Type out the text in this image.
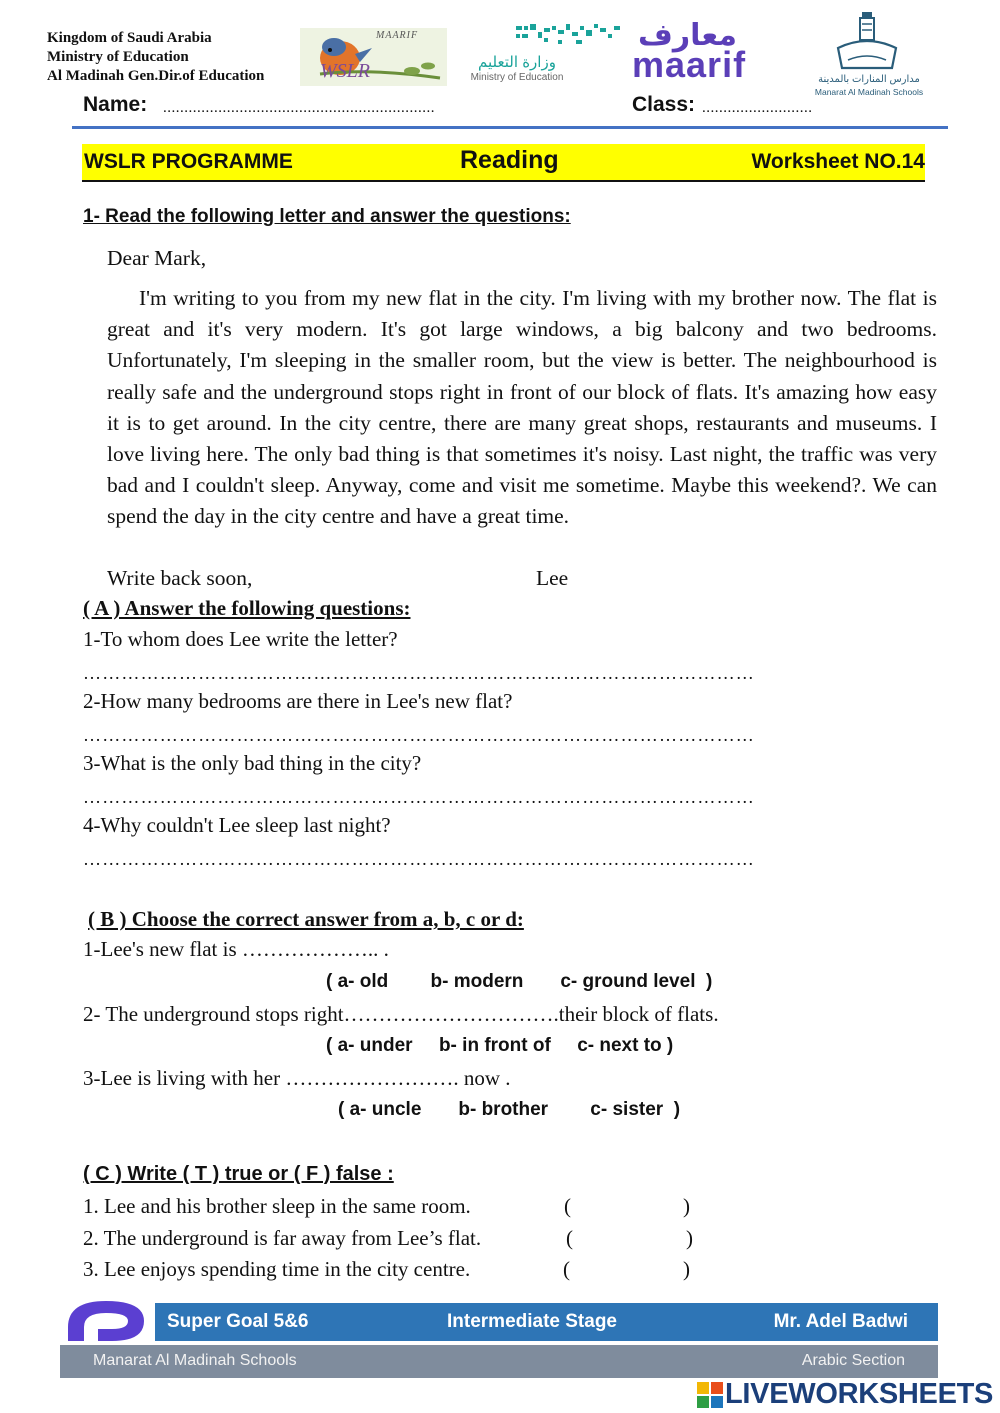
Kingdom of Saudi Arabia
Ministry of Education
Al Madinah Gen.Dir.of Education
MAARIF
WSLR	وزارة التعليم
Ministry of Education
معارف
maarif	مدارس المنارات بالمدينة
Manarat Al Madinah Schools
Name: ................................................................	Class: ..........................
WSLR PROGRAMME	Reading	Worksheet NO.14
1- Read the following letter and answer the questions:
Dear Mark,
I'm writing to you from my new flat in the city. I'm living with my brother now. The flat is great and it's very modern. It's got large windows, a big balcony and two bedrooms. Unfortunately, I'm sleeping in the smaller room, but the view is better. The neighbourhood is really safe and the underground stops right in front of our block of flats. It's amazing how easy it is to get around. In the city centre, there are many great shops, restaurants and museums. I love living here. The only bad thing is that sometimes it's noisy. Last night, the traffic was very bad and I couldn't sleep. Anyway, come and visit me sometime. Maybe this weekend?. We can spend the day in the city centre and have a great time.
Write back soon,	Lee
( A ) Answer the following questions:
1-To whom does Lee write the letter?
……………………………………………………………………………………………
2-How many bedrooms are there in Lee's new flat?
……………………………………………………………………………………………
3-What is the only bad thing in the city?
……………………………………………………………………………………………
4-Why couldn't Lee sleep last night?
……………………………………………………………………………………………
( B ) Choose the correct answer from a, b, c or d:
1-Lee's new flat is ……………….. .
( a- old        b- modern       c- ground level  )
2- The underground stops right………………………….their block of flats.
( a- under     b- in front of     c- next to )
3-Lee is living with her ……………………. now .
( a- uncle       b- brother        c- sister  )
( C ) Write ( T ) true or ( F ) false :
1. Lee and his brother sleep in the same room.	(	)
2. The underground is far away from Lee’s flat.	(	)
3. Lee enjoys spending time in the city centre.	(	)
Super Goal 5&6	Intermediate Stage	Mr. Adel Badwi
Manarat Al Madinah Schools	Arabic Section
LIVEWORKSHEETS
